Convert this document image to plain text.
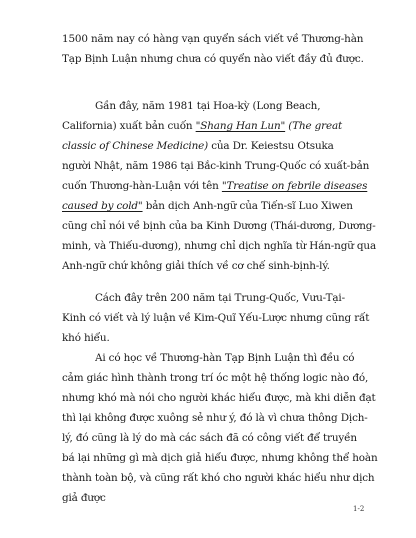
1500 năm nay có hàng vạn quyển sách viết về Thương-hàn
Tạp Bịnh Luận nhưng chưa có quyển nào viết đầy đủ được.
Gần đây, năm 1981 tại Hoa-kỳ (Long Beach,
California) xuất bản cuốn "Shang Han Lun" (The great
classic of Chinese Medicine) của Dr. Keiestsu Otsuka
người Nhật, năm 1986 tại Bắc-kinh Trung-Quốc có xuất-bản
cuốn Thương-hàn-Luận với tên "Treatise on febrile diseases
caused by cold" bản dịch Anh-ngữ của Tiến-sĩ Luo Xiwen
cũng chỉ nói về bịnh của ba Kinh Dương (Thái-dương, Dương-
minh, và Thiếu-dương), nhưng chỉ dịch nghĩa từ Hán-ngữ qua
Anh-ngữ chứ không giải thích về cơ chế sinh-bịnh-lý.
Cách đây trên 200 năm tại Trung-Quốc, Vưu-Tại-
Kinh có viết và lý luận về Kim-Quĩ Yếu-Lược nhưng cũng rất
khó hiểu.
Ai có học về Thương-hàn Tạp Bịnh Luận thì đều có
cảm giác hình thành trong trí óc một hệ thống logic nào đó,
nhưng khó mà nói cho người khác hiểu được, mà khi diễn đạt
thì lại không được xuông sẻ như ý, đó là vì chưa thông Dịch-
lý, đó cũng là lý do mà các sách đã có công viết để truyền
bá lại những gì mà dịch giả hiểu được, nhưng không thể hoàn
thành toàn bộ, và cũng rất khó cho người khác hiểu như dịch
giả được
1-2
